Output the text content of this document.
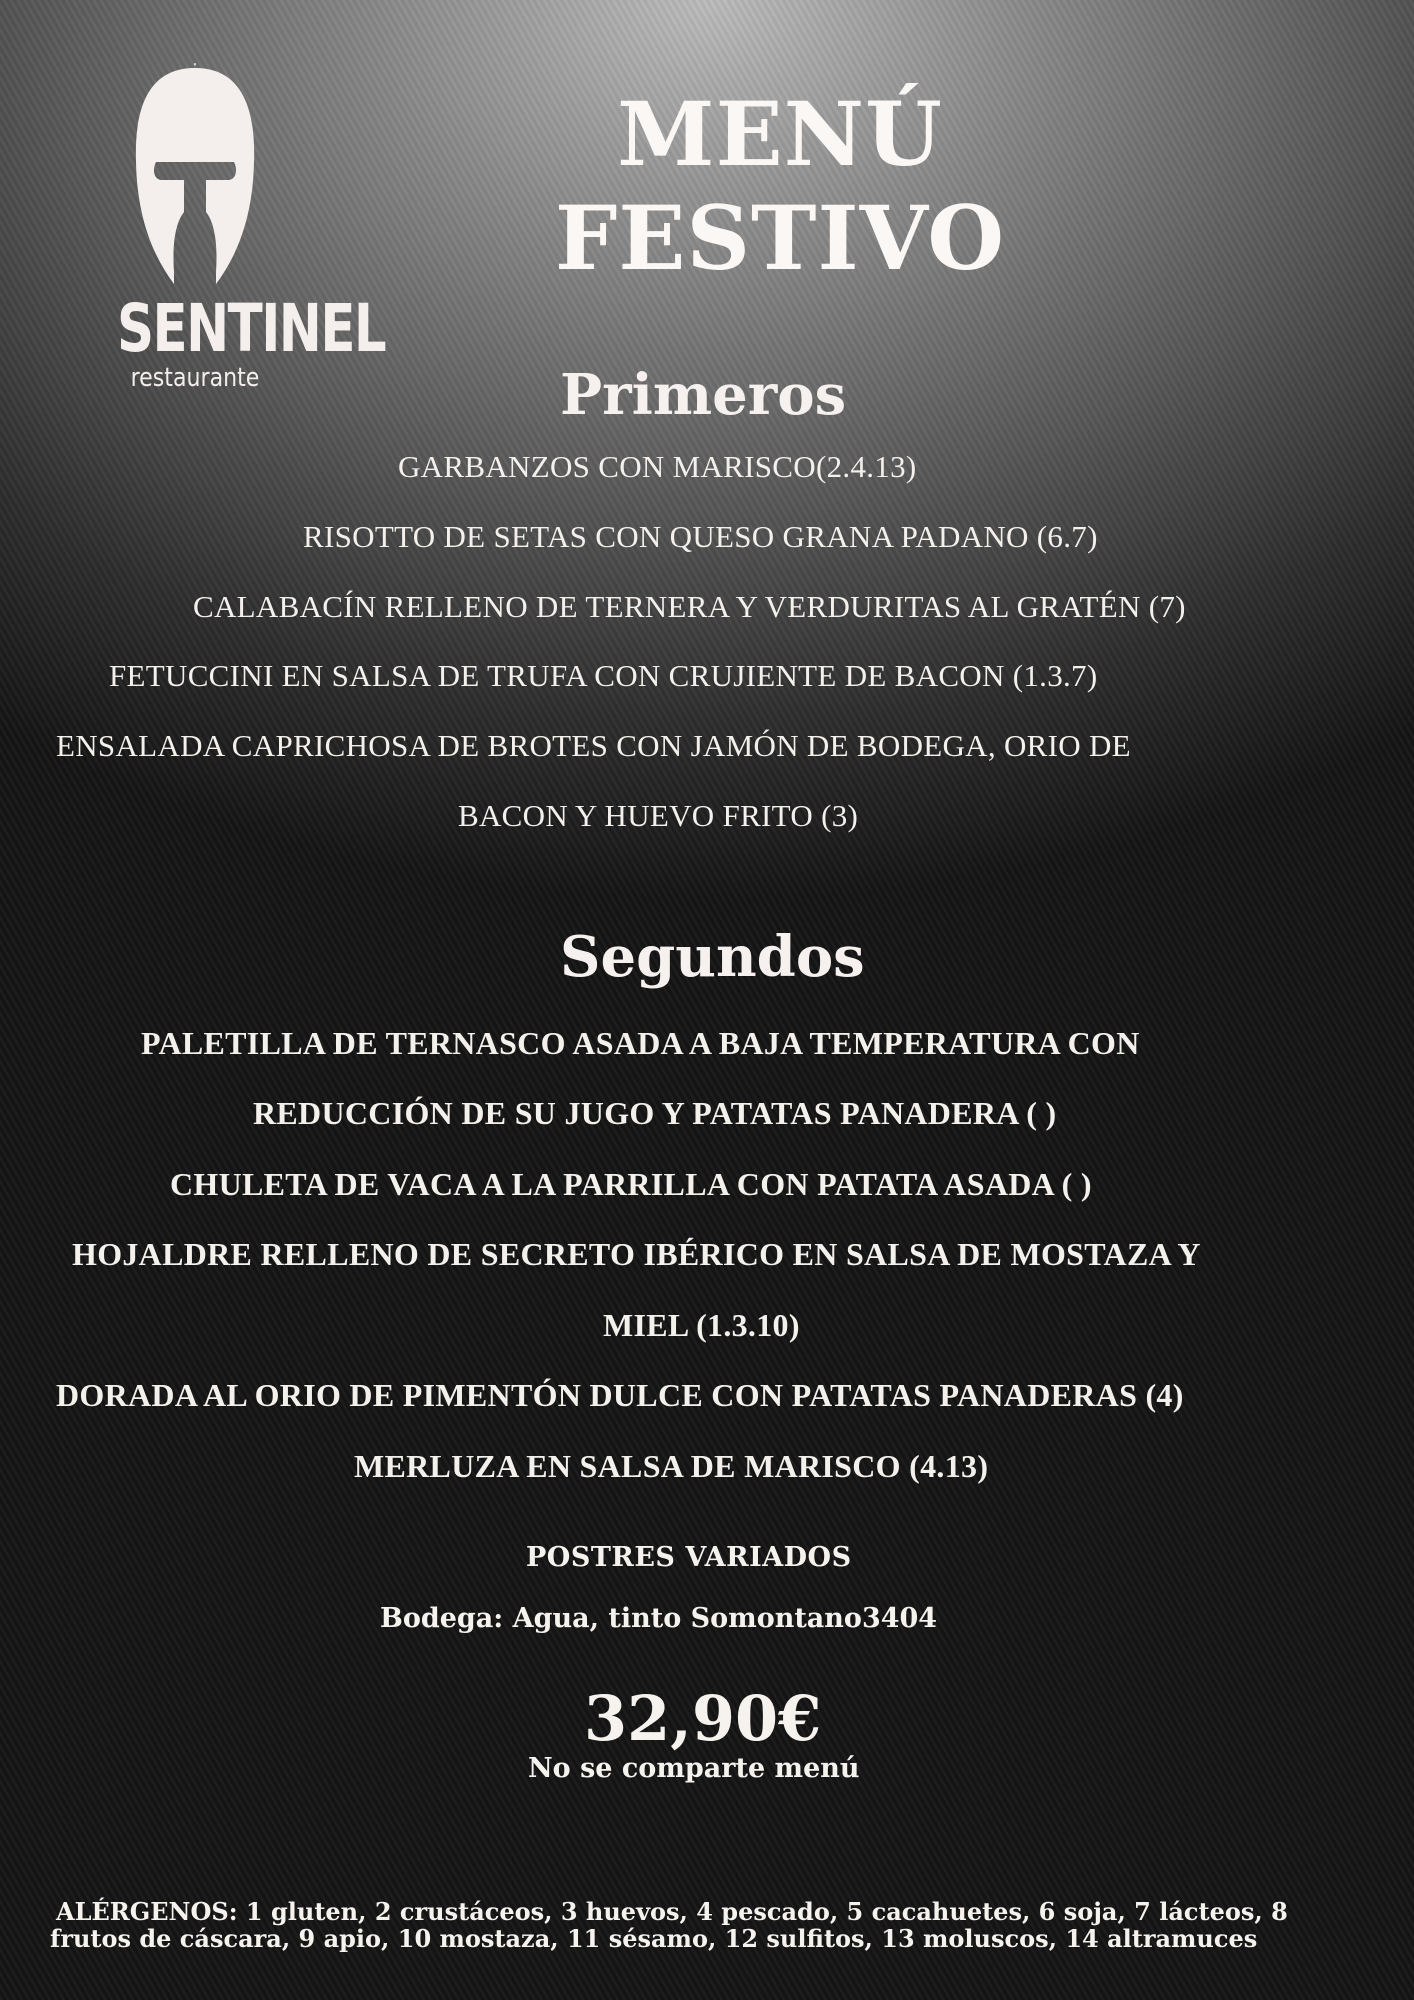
SENTINEL
restaurante
MENÚ FESTIVO
Primeros
GARBANZOS CON MARISCO(2.4.13)
RISOTTO DE SETAS CON QUESO GRANA PADANO (6.7)
CALABACÍN RELLENO DE TERNERA Y VERDURITAS AL GRATÉN (7)
FETUCCINI EN SALSA DE TRUFA CON CRUJIENTE DE BACON (1.3.7)
ENSALADA CAPRICHOSA DE BROTES CON JAMÓN DE BODEGA, ORIO DE
BACON Y HUEVO FRITO (3)
Segundos
PALETILLA DE TERNASCO ASADA A BAJA TEMPERATURA CON
REDUCCIÓN DE SU JUGO Y PATATAS PANADERA ( )
CHULETA DE VACA A LA PARRILLA CON PATATA ASADA ( )
HOJALDRE RELLENO DE SECRETO IBÉRICO EN SALSA DE MOSTAZA Y
MIEL (1.3.10)
DORADA AL ORIO DE PIMENTÓN DULCE CON PATATAS PANADERAS (4)
MERLUZA EN SALSA DE MARISCO (4.13)
POSTRES VARIADOS
Bodega: Agua, tinto Somontano3404
32,90€
No se comparte menú
ALÉRGENOS: 1 gluten, 2 crustáceos, 3 huevos, 4 pescado, 5 cacahuetes, 6 soja, 7 lácteos, 8
frutos de cáscara, 9 apio, 10 mostaza, 11 sésamo, 12 sulfitos, 13 moluscos, 14 altramuces
